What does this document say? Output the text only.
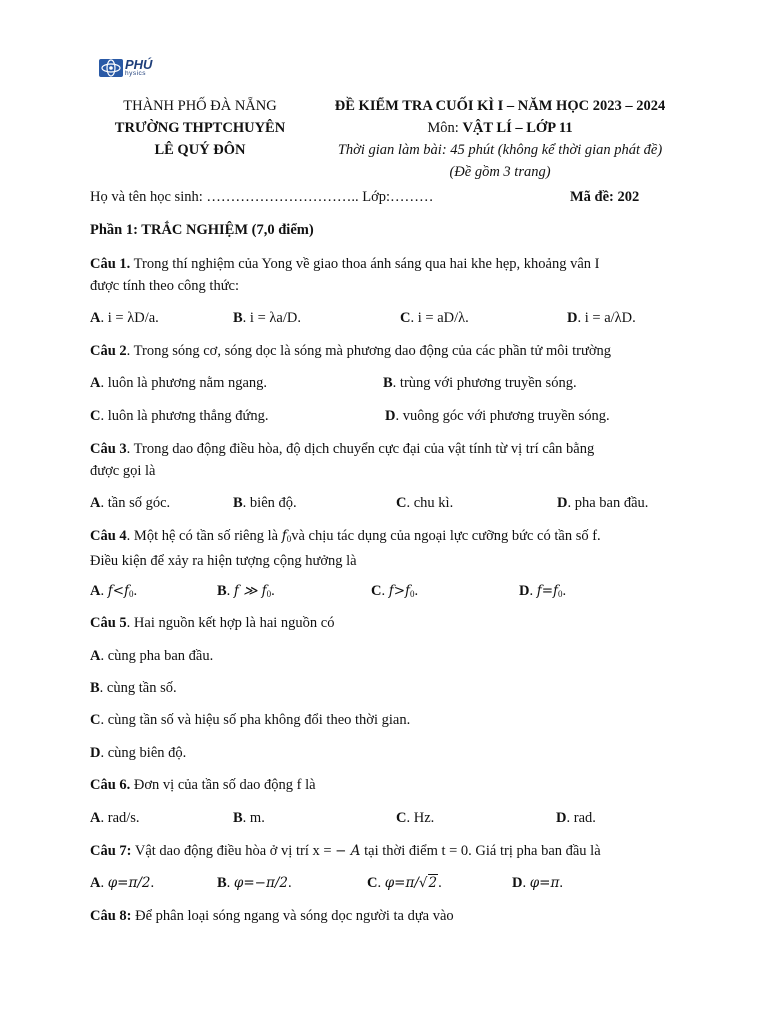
PHÚ
hysics
THÀNH PHỐ ĐÀ NẴNG
TRƯỜNG THPTCHUYÊN
LÊ QUÝ ĐÔN
ĐỀ KIỂM TRA CUỐI KÌ I – NĂM HỌC 2023 – 2024
Môn: VẬT LÍ – LỚP 11
Thời gian làm bài: 45 phút (không kể thời gian phát đề)
(Đề gồm 3 trang)
Họ và tên học sinh: ………………………….. Lớp:………	Mã đề: 202
Phần 1: TRẮC NGHIỆM (7,0 điểm)
Câu 1. Trong thí nghiệm của Yong về giao thoa ánh sáng qua hai khe hẹp, khoảng vân I
được tính theo công thức:
A. i = λD/a.	B. i = λa/D.	C. i = aD/λ.	D. i = a/λD.
Câu 2. Trong sóng cơ, sóng dọc là sóng mà phương dao động của các phần tử môi trường
A. luôn là phương nằm ngang.	B. trùng với phương truyền sóng.
C. luôn là phương thẳng đứng.	D. vuông góc với phương truyền sóng.
Câu 3. Trong dao động điều hòa, độ dịch chuyển cực đại của vật tính từ vị trí cân bằng
được gọi là
A. tần số góc.	B. biên độ.	C. chu kì.	D. pha ban đầu.
Câu 4. Một hệ có tần số riêng là $f_0và$ chịu tác dụng của ngoại lực cưỡng bức có tần số f.
Điều kiện để xảy ra hiện tượng cộng hưởng là
A. $f<f_0$.	B. f ≫ $f_0$.	C. $f>f_0$.	D. $f=f_0$.
Câu 5. Hai nguồn kết hợp là hai nguồn có
A. cùng pha ban đầu.
B. cùng tần số.
C. cùng tần số và hiệu số pha không đổi theo thời gian.
D. cùng biên độ.
Câu 6. Đơn vị của tần số dao động f là
A. rad/s.	B. m.	C. Hz.	D. rad.
Câu 7: Vật dao động điều hòa ở vị trí x = − A tại thời điểm t = 0. Giá trị pha ban đầu là
A. φ=π/2.	B. φ=−π/2.	C. φ=π/√2.	D. φ=π.
Câu 8: Để phân loại sóng ngang và sóng dọc người ta dựa vào
